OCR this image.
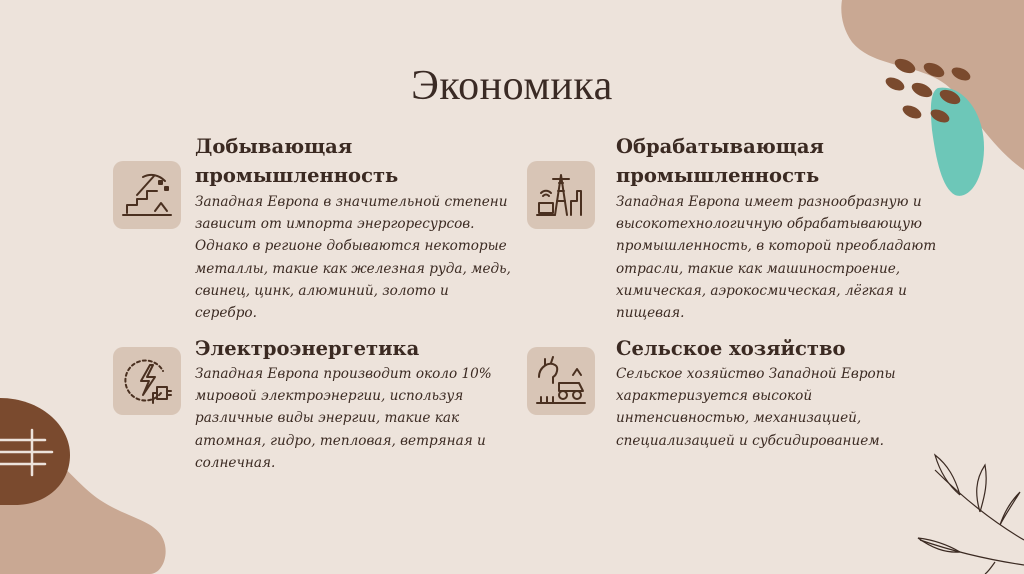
Экономика
Добывающая
промышленность

Западная Европа в значительной степени зависит от импорта энергоресурсов. Однако в регионе добываются некоторые металлы, такие как железная руда, медь, свинец, цинк, алюминий, золото и серебро.

Обрабатывающая
промышленность

Западная Европа имеет разнообразную и высокотехнологичную обрабатывающую промышленность, в которой преобладают отрасли, такие как машиностроение, химическая, аэрокосмическая, лёгкая и пищевая.

Электроэнергетика

Западная Европа производит около 10% мировой электроэнергии, используя различные виды энергии, такие как атомная, гидро, тепловая, ветряная и солнечная.

Сельское хозяйство

Сельское хозяйство Западной Европы характеризуется высокой интенсивностью, механизацией, специализацией и субсидированием.
